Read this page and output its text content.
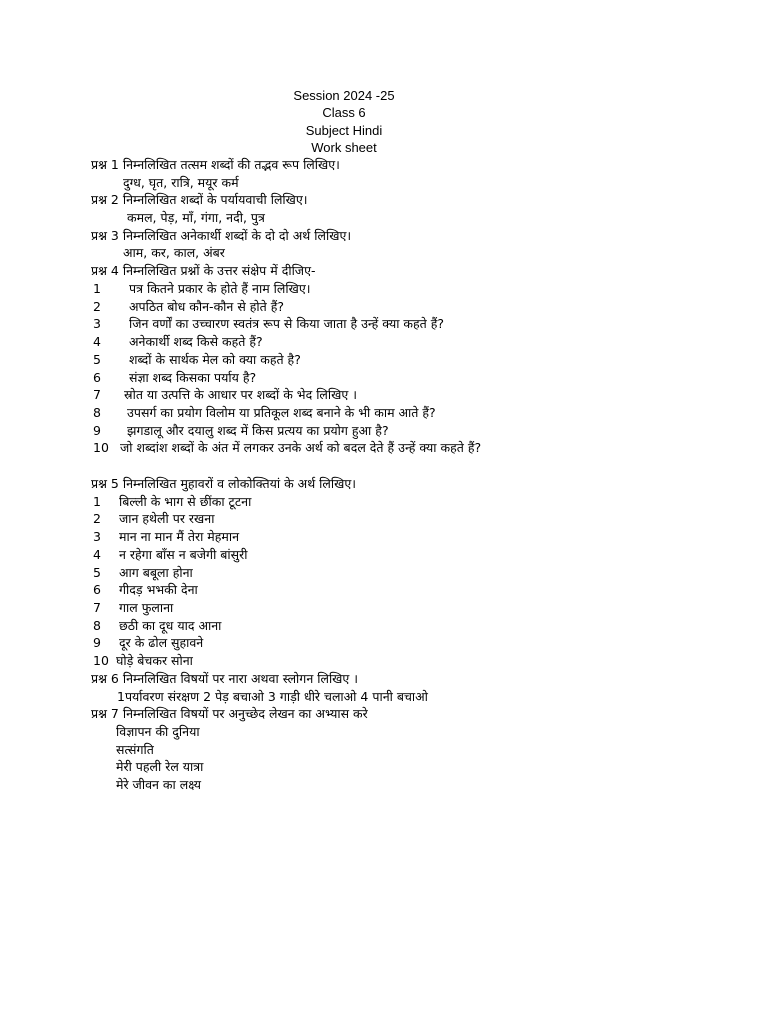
Session 2024 -25
Class 6
Subject Hindi
Work sheet
प्रश्न 1 निम्नलिखित तत्सम शब्दों की तद्भव रूप लिखिए।
दुग्ध, घृत, रात्रि, मयूर कर्म
प्रश्न 2 निम्नलिखित शब्दों के पर्यायवाची लिखिए।
कमल, पेड़, माँ, गंगा, नदी, पुत्र
प्रश्न 3 निम्नलिखित अनेकार्थी शब्दों के दो दो अर्थ लिखिए।
आम, कर, काल, अंबर
प्रश्न 4 निम्नलिखित प्रश्नों के उत्तर संक्षेप में दीजिए-
1 पत्र कितने प्रकार के होते हैं नाम लिखिए।
2 अपठित बोध कौन-कौन से होते हैं?
3 जिन वर्णों का उच्चारण स्वतंत्र रूप से किया जाता है उन्हें क्या कहते हैं?
4 अनेकार्थी शब्द किसे कहते हैं?
5 शब्दों के सार्थक मेल को क्या कहते है?
6 संज्ञा शब्द किसका पर्याय है?
7 स्रोत या उत्पत्ति के आधार पर शब्दों के भेद लिखिए ।
8 उपसर्ग का प्रयोग विलोम या प्रतिकूल शब्द बनाने के भी काम आते हैं?
9 झगडालू और दयालु शब्द में किस प्रत्यय का प्रयोग हुआ है?
10 जो शब्दांश शब्दों के अंत में लगकर उनके अर्थ को बदल देते हैं उन्हें क्या कहते हैं?
प्रश्न 5 निम्नलिखित मुहावरों व लोकोक्तियां के अर्थ लिखिए।
1 बिल्ली के भाग से छींका टूटना
2 जान हथेली पर रखना
3 मान ना मान मैं तेरा मेहमान
4 न रहेगा बाँस न बजेगी बांसुरी
5 आग बबूला होना
6 गीदड़ भभकी देना
7 गाल फुलाना
8 छठी का दूध याद आना
9 दूर के ढोल सुहावने
10 घोड़े बेचकर सोना
प्रश्न 6 निम्नलिखित विषयों पर नारा अथवा स्लोगन लिखिए ।
1पर्यावरण संरक्षण 2 पेड़ बचाओ 3 गाड़ी धीरे चलाओ 4 पानी बचाओ
प्रश्न 7 निम्नलिखित विषयों पर अनुच्छेद लेखन का अभ्यास करे
विज्ञापन की दुनिया
सत्संगति
मेरी पहली रेल यात्रा
मेरे जीवन का लक्ष्य
